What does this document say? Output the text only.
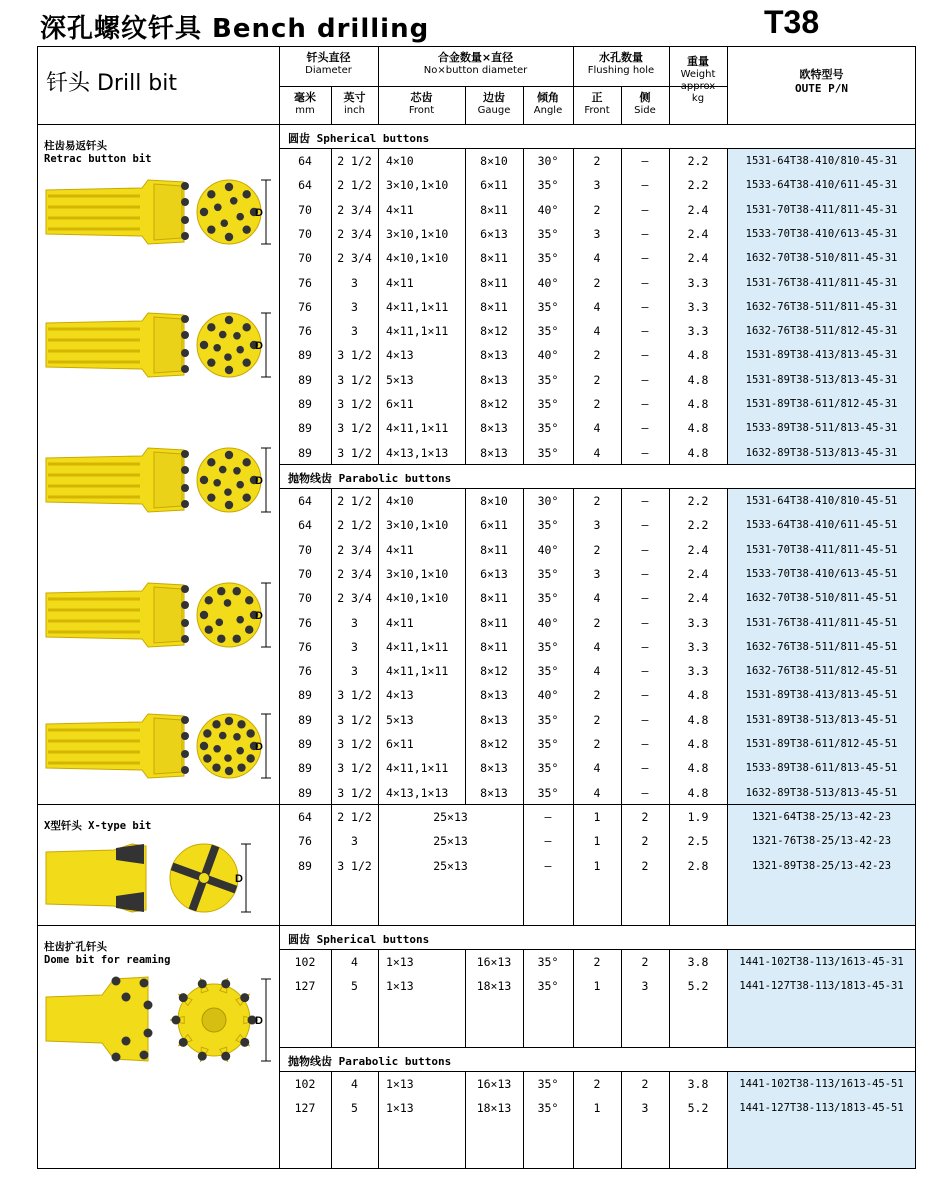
深孔螺纹钎具 Bench drilling	T38
钎头 Drill bit
钎头直径
Diameter
合金数量×直径
No×button diameter
水孔数量
Flushing hole
重量
Weight
approx
kg
欧特型号
OUTE P/N
毫米
mm
英寸
inch
芯齿
Front
边齿
Gauge
倾角
Angle
正
Front
侧
Side
柱齿易返钎头
Retrac button bit
X型钎头 X-type bit
柱齿扩孔钎头
Dome bit for reaming
圆齿 Spherical buttons
抛物线齿 Parabolic buttons
圆齿 Spherical buttons
抛物线齿 Parabolic buttons
64	2 1/2	4×10	8×10	30°	2	–	2.2	1531-64T38-410/810-45-31
64	2 1/2	3×10,1×10	6×11	35°	3	–	2.2	1533-64T38-410/611-45-31
70	2 3/4	4×11	8×11	40°	2	–	2.4	1531-70T38-411/811-45-31
70	2 3/4	3×10,1×10	6×13	35°	3	–	2.4	1533-70T38-410/613-45-31
70	2 3/4	4×10,1×10	8×11	35°	4	–	2.4	1632-70T38-510/811-45-31
76	3	4×11	8×11	40°	2	–	3.3	1531-76T38-411/811-45-31
76	3	4×11,1×11	8×11	35°	4	–	3.3	1632-76T38-511/811-45-31
76	3	4×11,1×11	8×12	35°	4	–	3.3	1632-76T38-511/812-45-31
89	3 1/2	4×13	8×13	40°	2	–	4.8	1531-89T38-413/813-45-31
89	3 1/2	5×13	8×13	35°	2	–	4.8	1531-89T38-513/813-45-31
89	3 1/2	6×11	8×12	35°	2	–	4.8	1531-89T38-611/812-45-31
89	3 1/2	4×11,1×11	8×13	35°	4	–	4.8	1533-89T38-511/813-45-31
89	3 1/2	4×13,1×13	8×13	35°	4	–	4.8	1632-89T38-513/813-45-31
64	2 1/2	4×10	8×10	30°	2	–	2.2	1531-64T38-410/810-45-51
64	2 1/2	3×10,1×10	6×11	35°	3	–	2.2	1533-64T38-410/611-45-51
70	2 3/4	4×11	8×11	40°	2	–	2.4	1531-70T38-411/811-45-51
70	2 3/4	3×10,1×10	6×13	35°	3	–	2.4	1533-70T38-410/613-45-51
70	2 3/4	4×10,1×10	8×11	35°	4	–	2.4	1632-70T38-510/811-45-51
76	3	4×11	8×11	40°	2	–	3.3	1531-76T38-411/811-45-51
76	3	4×11,1×11	8×11	35°	4	–	3.3	1632-76T38-511/811-45-51
76	3	4×11,1×11	8×12	35°	4	–	3.3	1632-76T38-511/812-45-51
89	3 1/2	4×13	8×13	40°	2	–	4.8	1531-89T38-413/813-45-51
89	3 1/2	5×13	8×13	35°	2	–	4.8	1531-89T38-513/813-45-51
89	3 1/2	6×11	8×12	35°	2	–	4.8	1531-89T38-611/812-45-51
89	3 1/2	4×11,1×11	8×13	35°	4	–	4.8	1533-89T38-611/813-45-51
89	3 1/2	4×13,1×13	8×13	35°	4	–	4.8	1632-89T38-513/813-45-51
64	2 1/2	25×13	–	1	2	1.9	1321-64T38-25/13-42-23
76	3	25×13	–	1	2	2.5	1321-76T38-25/13-42-23
89	3 1/2	25×13	–	1	2	2.8	1321-89T38-25/13-42-23
102	4	1×13	16×13	35°	2	2	3.8	1441-102T38-113/1613-45-31
127	5	1×13	18×13	35°	1	3	5.2	1441-127T38-113/1813-45-31
102	4	1×13	16×13	35°	2	2	3.8	1441-102T38-113/1613-45-51
127	5	1×13	18×13	35°	1	3	5.2	1441-127T38-113/1813-45-51
D
D
D
D
D
D
D
